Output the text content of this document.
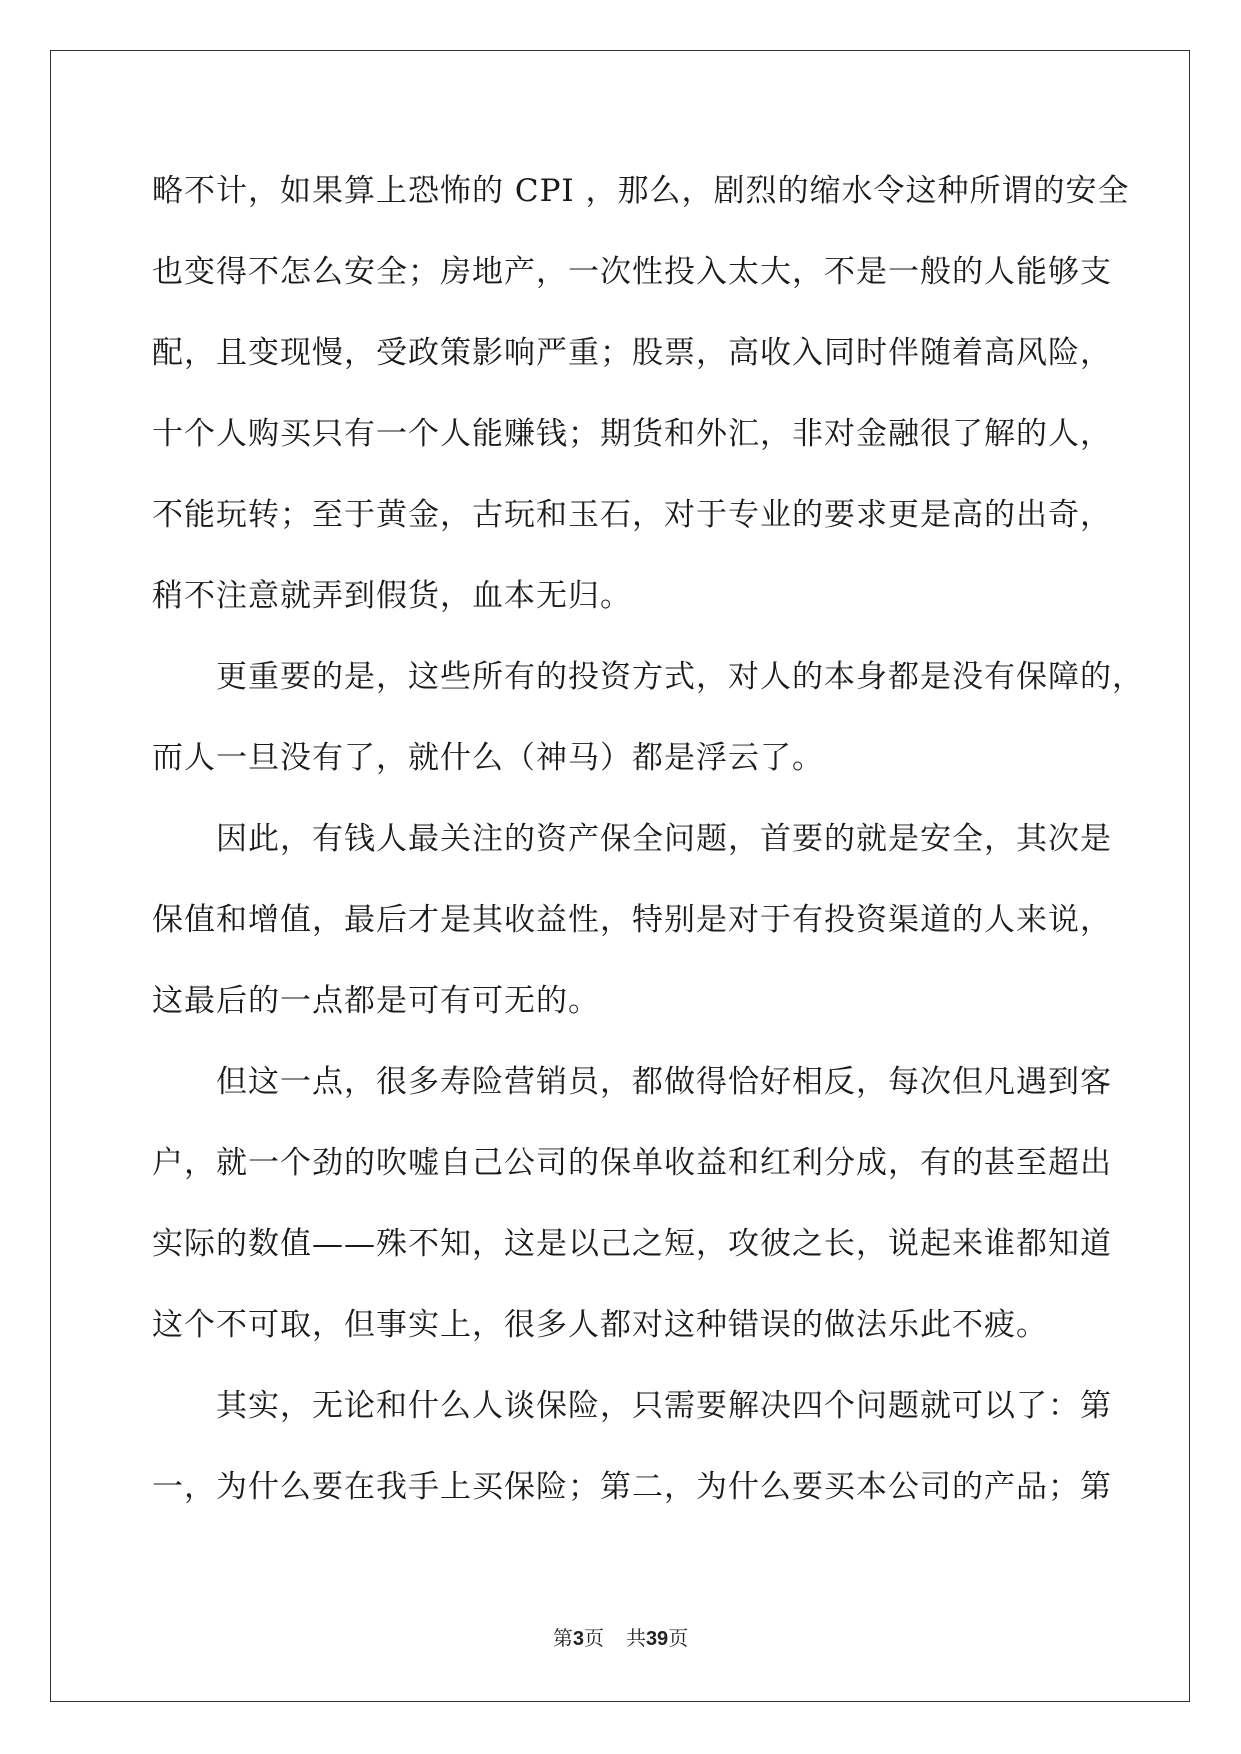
略不计，如果算上恐怖的 CPI ，那么，剧烈的缩水令这种所谓的安全
也变得不怎么安全；房地产，一次性投入太大，不是一般的人能够支
配，且变现慢，受政策影响严重；股票，高收入同时伴随着高风险，
十个人购买只有一个人能赚钱；期货和外汇，非对金融很了解的人，
不能玩转；至于黄金，古玩和玉石，对于专业的要求更是高的出奇，
稍不注意就弄到假货，血本无归。
　　更重要的是，这些所有的投资方式，对人的本身都是没有保障的，
而人一旦没有了，就什么（神马）都是浮云了。
　　因此，有钱人最关注的资产保全问题，首要的就是安全，其次是
保值和增值，最后才是其收益性，特别是对于有投资渠道的人来说，
这最后的一点都是可有可无的。
　　但这一点，很多寿险营销员，都做得恰好相反，每次但凡遇到客
户，就一个劲的吹嘘自己公司的保单收益和红利分成，有的甚至超出
实际的数值——殊不知，这是以己之短，攻彼之长，说起来谁都知道
这个不可取，但事实上，很多人都对这种错误的做法乐此不疲。
　　其实，无论和什么人谈保险，只需要解决四个问题就可以了：第
一，为什么要在我手上买保险；第二，为什么要买本公司的产品；第
第3页 共39页
